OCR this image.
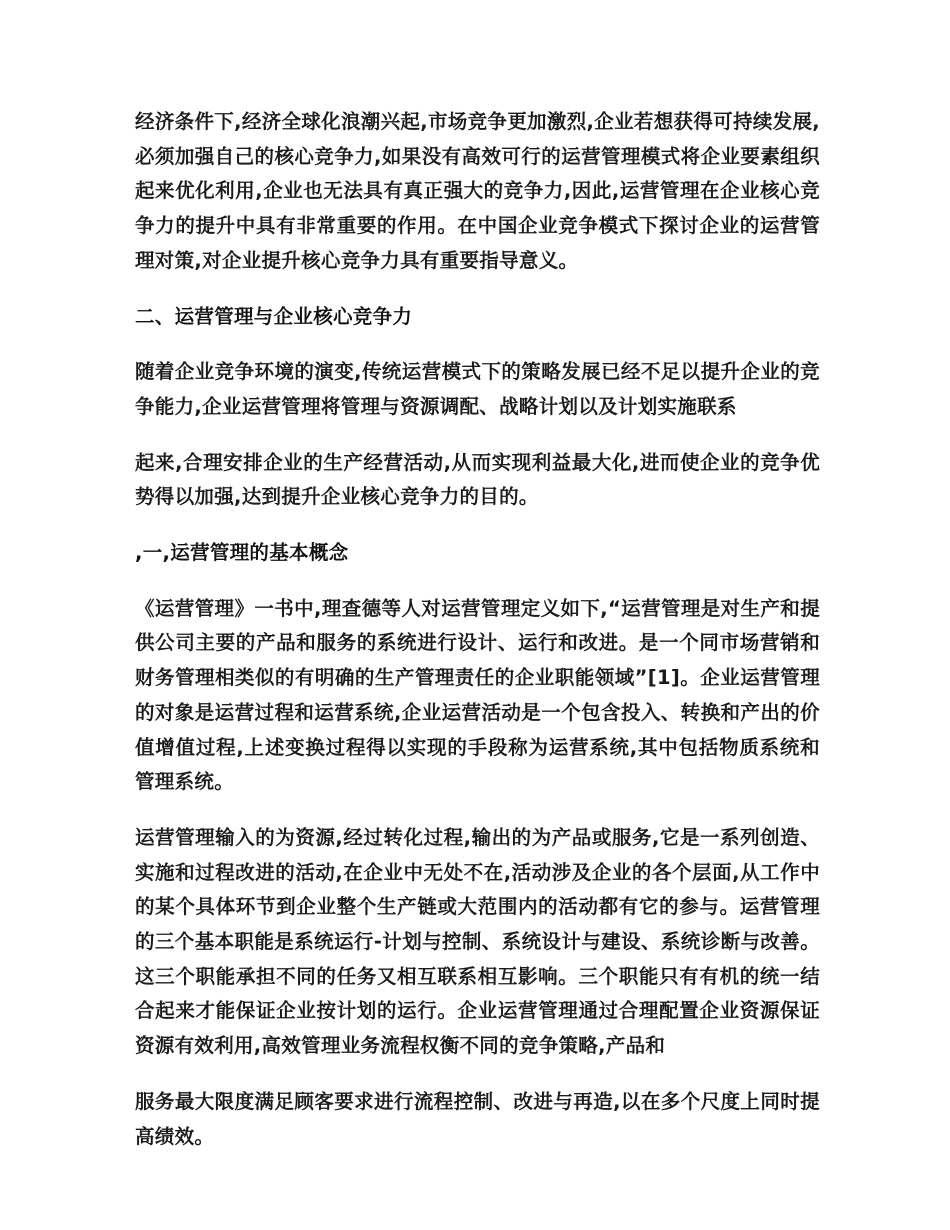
经济条件下,经济全球化浪潮兴起,市场竞争更加激烈,企业若想获得可持续发展,必须加强自己的核心竞争力,如果没有高效可行的运营管理模式将企业要素组织起来优化利用,企业也无法具有真正强大的竞争力,因此,运营管理在企业核心竞争力的提升中具有非常重要的作用。在中国企业竞争模式下探讨企业的运营管理对策,对企业提升核心竞争力具有重要指导意义。

二、运营管理与企业核心竞争力

随着企业竞争环境的演变,传统运营模式下的策略发展已经不足以提升企业的竞争能力,企业运营管理将管理与资源调配、战略计划以及计划实施联系

起来,合理安排企业的生产经营活动,从而实现利益最大化,进而使企业的竞争优势得以加强,达到提升企业核心竞争力的目的。

,一,运营管理的基本概念

《运营管理》一书中,理查德等人对运营管理定义如下,“运营管理是对生产和提供公司主要的产品和服务的系统进行设计、运行和改进。是一个同市场营销和财务管理相类似的有明确的生产管理责任的企业职能领域”[1]。企业运营管理的对象是运营过程和运营系统,企业运营活动是一个包含投入、转换和产出的价值增值过程,上述变换过程得以实现的手段称为运营系统,其中包括物质系统和管理系统。

运营管理输入的为资源,经过转化过程,输出的为产品或服务,它是一系列创造、实施和过程改进的活动,在企业中无处不在,活动涉及企业的各个层面,从工作中的某个具体环节到企业整个生产链或大范围内的活动都有它的参与。运营管理的三个基本职能是系统运行-计划与控制、系统设计与建设、系统诊断与改善。这三个职能承担不同的任务又相互联系相互影响。三个职能只有有机的统一结合起来才能保证企业按计划的运行。企业运营管理通过合理配置企业资源保证资源有效利用,高效管理业务流程权衡不同的竞争策略,产品和

服务最大限度满足顾客要求进行流程控制、改进与再造,以在多个尺度上同时提高绩效。
